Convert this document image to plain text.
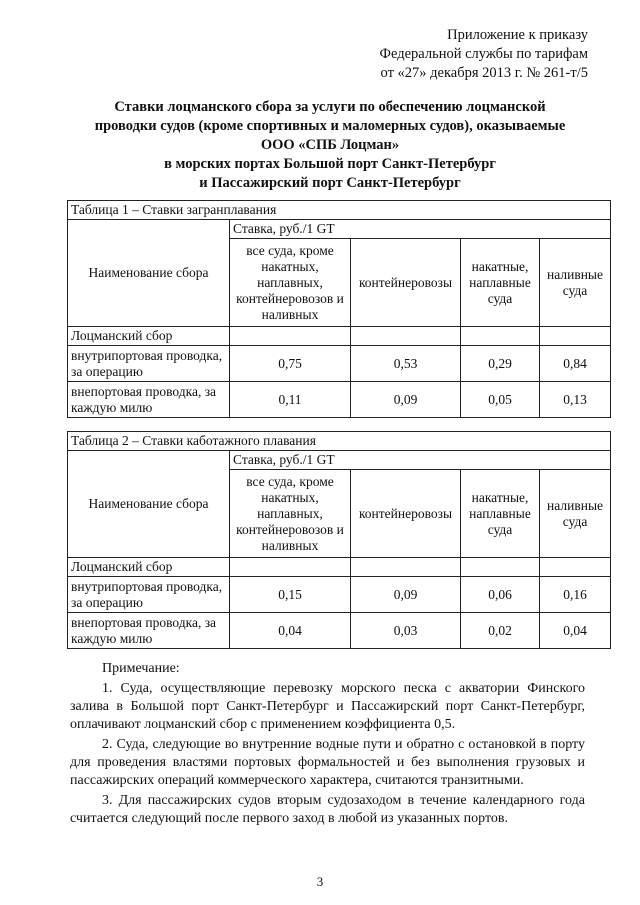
Приложение к приказу
Федеральной службы по тарифам
от «27» декабря 2013 г. № 261-т/5
Ставки лоцманского сбора за услуги по обеспечению лоцманской
проводки судов (кроме спортивных и маломерных судов), оказываемые
ООО «СПБ Лоцман»
в морских портах Большой порт Санкт-Петербург
и Пассажирский порт Санкт-Петербург
Таблица 1 – Ставки загранплавания				
Наименование сбора	Ставка, руб./1 GT			
	все суда, кроме накатных, наплавных, контейнеровозов и наливных	контейнеровозы	накатные, наплавные суда	наливные суда
Лоцманский сбор				
внутрипортовая проводка, за операцию	0,75	0,53	0,29	0,84
внепортовая проводка, за каждую милю	0,11	0,09	0,05	0,13
Таблица 2 – Ставки каботажного плавания				
Наименование сбора	Ставка, руб./1 GT			
	все суда, кроме накатных, наплавных, контейнеровозов и наливных	контейнеровозы	накатные, наплавные суда	наливные суда
Лоцманский сбор				
внутрипортовая проводка, за операцию	0,15	0,09	0,06	0,16
внепортовая проводка, за каждую милю	0,04	0,03	0,02	0,04

Примечание:

1. Суда, осуществляющие перевозку морского песка с акватории Финского залива в Большой порт Санкт-Петербург и Пассажирский порт Санкт-Петербург, оплачивают лоцманский сбор с применением коэффициента 0,5.

2. Суда, следующие во внутренние водные пути и обратно с остановкой в порту для проведения властями портовых формальностей и без выполнения грузовых и пассажирских операций коммерческого характера, считаются транзитными.

3. Для пассажирских судов вторым судозаходом в течение календарного года считается следующий после первого заход в любой из указанных портов.

3
